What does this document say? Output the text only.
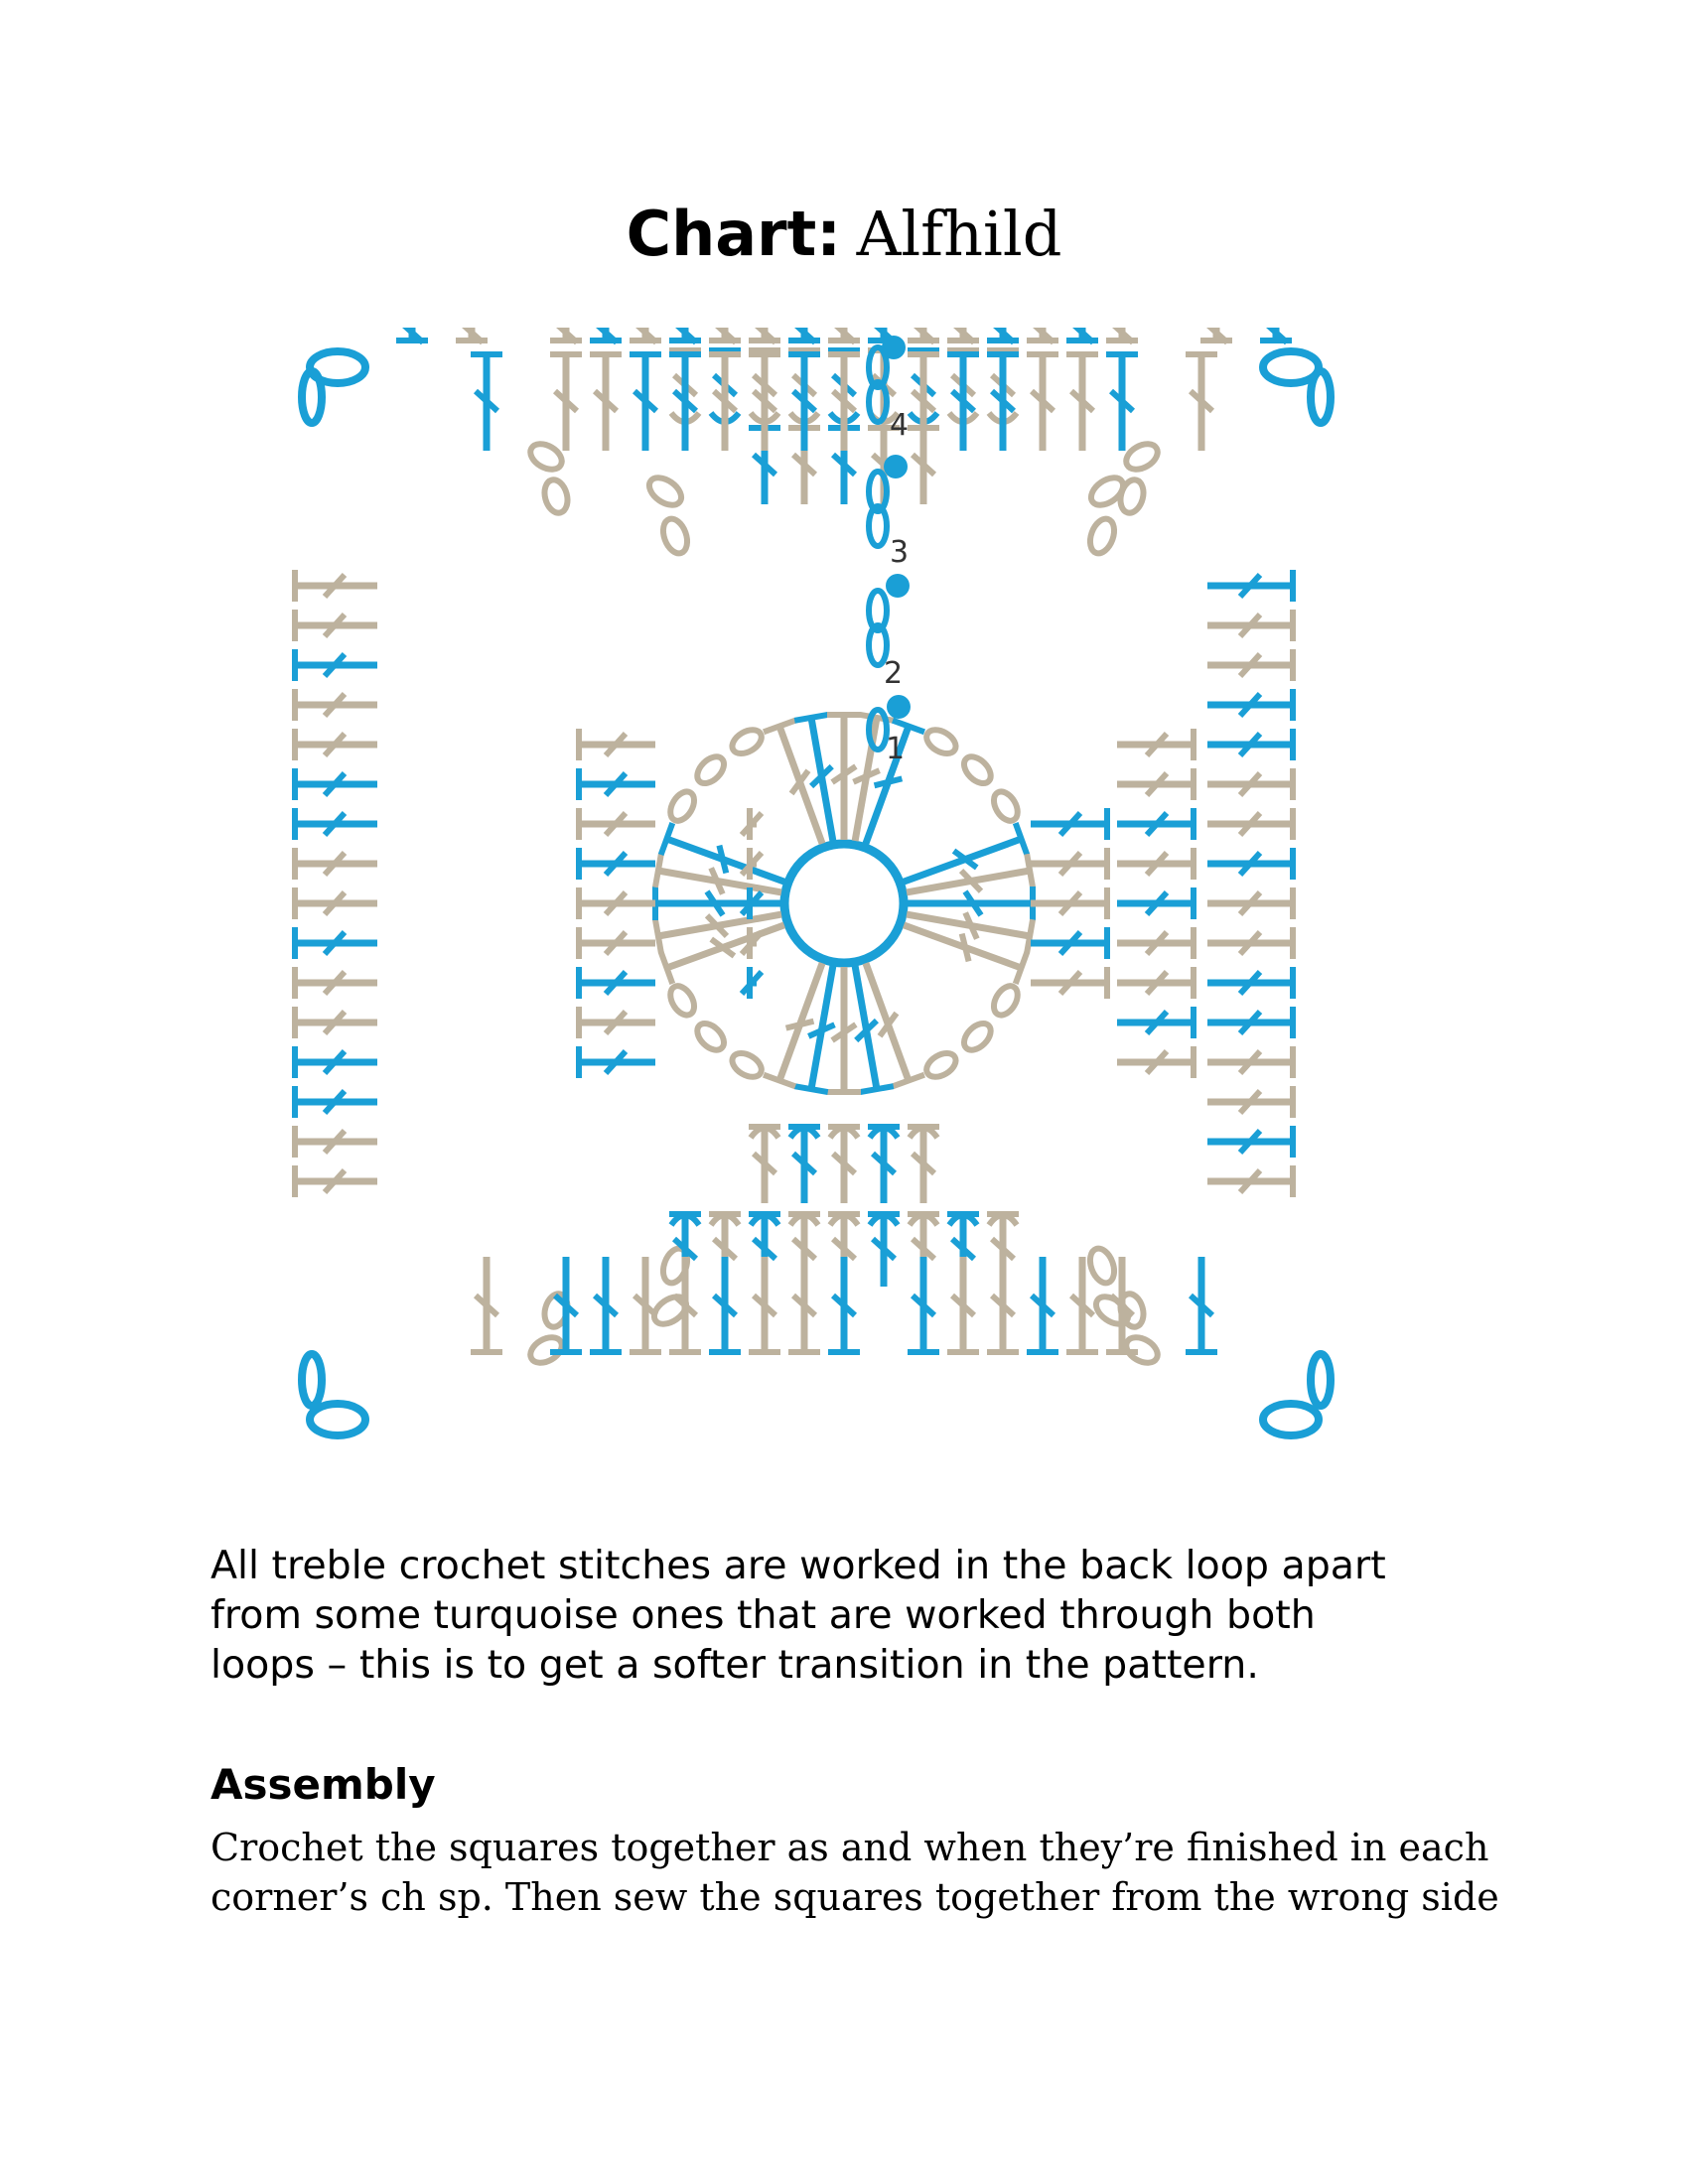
Chart: Alfhild
1
2
3
4
All treble crochet stitches are worked in the back loop apart
from some turquoise ones that are worked through both
loops – this is to get a softer transition in the pattern.
Assembly
Crochet the squares together as and when they’re finished in each
corner’s ch sp. Then sew the squares together from the wrong side
